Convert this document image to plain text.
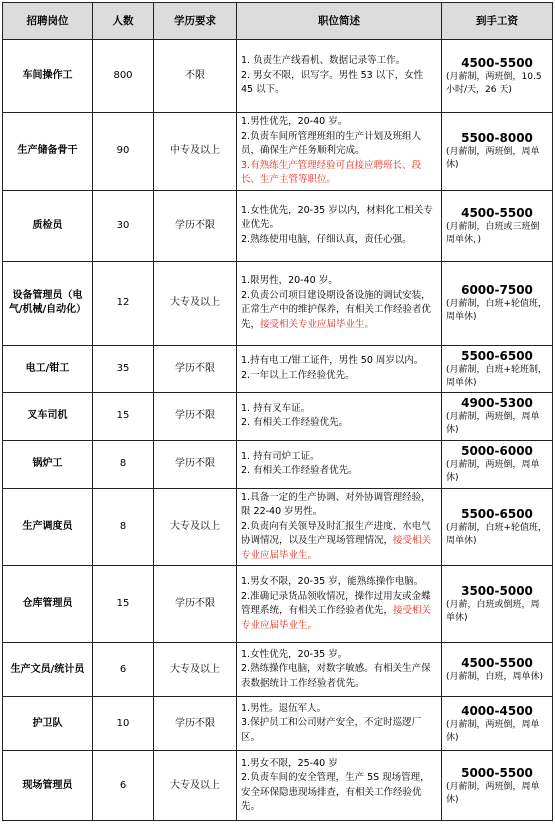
招聘岗位	人数	学历要求	职位简述	到手工资
车间操作工	800	不限	1. 负责生产线看机、数据记录等工作。
2. 男女不限，识写字。男性 53 以下，女性 45 以下。	4500-5500
(月薪制，两班倒，10.5 小时/天，26 天)

生产储备骨干	90	中专及以上	1.男性优先，20-40 岁。
2.负责车间所管理班组的生产计划及班组人员，确保生产任务顺利完成。
3.有熟练生产管理经验可直接应聘班长、段长、生产主管等职位。	5500-8000
(月薪制，两班倒，周单休)

质检员	30	学历不限	1.女性优先，20-35 岁以内，材料化工相关专业优先。
2.熟练使用电脑，仔细认真，责任心强。	4500-5500
(月薪制，白班或三班倒周单休，)

设备管理员（电气/机械/自动化）	12	大专及以上	1.限男性，20-40 岁。
2.负责公司项目建设期设备设施的调试安装，正常生产中的维护保养，有相关工作经验者优先，接受相关专业应届毕业生。	6000-7500
(月薪制，白班+轮值班，周单休)

电工/钳工	35	学历不限	1.持有电工/钳工证件，男性 50 周岁以内。
2.一年以上工作经验优先。	5500-6500
(月薪制，白班+轮班制，周单休)

叉车司机	15	学历不限	1. 持有叉车证。
2. 有相关工作经验优先。	4900-5300
(月薪制，两班倒，周单休)

锅炉工	8	学历不限	1. 持有司炉工证。
2. 有相关工作经验者优先。	5000-6000
(月薪制，两班倒，周单休)

生产调度员	8	大专及以上	1.具备一定的生产协调、对外协调管理经验，限 22-40 岁男性。
2.负责向有关领导及时汇报生产进度、水电气协调情况，以及生产现场管理情况，接受相关专业应届毕业生。	5500-6500
(月薪制，白班+轮值班，周单休)

仓库管理员	15	学历不限	1.男女不限，20-35 岁，能熟练操作电脑。
2.准确记录货品领收情况，操作过用友或金蝶管理系统，有相关工作经验者优先，接受相关专业应届毕业生。	3500-5000
(月薪，白班或倒班，周单休)

生产文员/统计员	6	大专及以上	1.女性优先，20-35 岁。
2.熟练操作电脑，对数字敏感。有相关生产保表数据统计工作经验者优先。	4500-5500
(月薪制，白班，周单休)

护卫队	10	学历不限	1.男性。退伍军人。
3.保护员工和公司财产安全，不定时巡逻厂区。	4000-4500
(月薪制，两班倒，周单休)

现场管理员	6	大专及以上	1.男女不限，25-40 岁
2.负责车间的安全管理，生产 5S 现场管理，安全环保隐患现场排查，有相关工作经验优先。	5000-5500
(月薪制，两班倒，周单休)
